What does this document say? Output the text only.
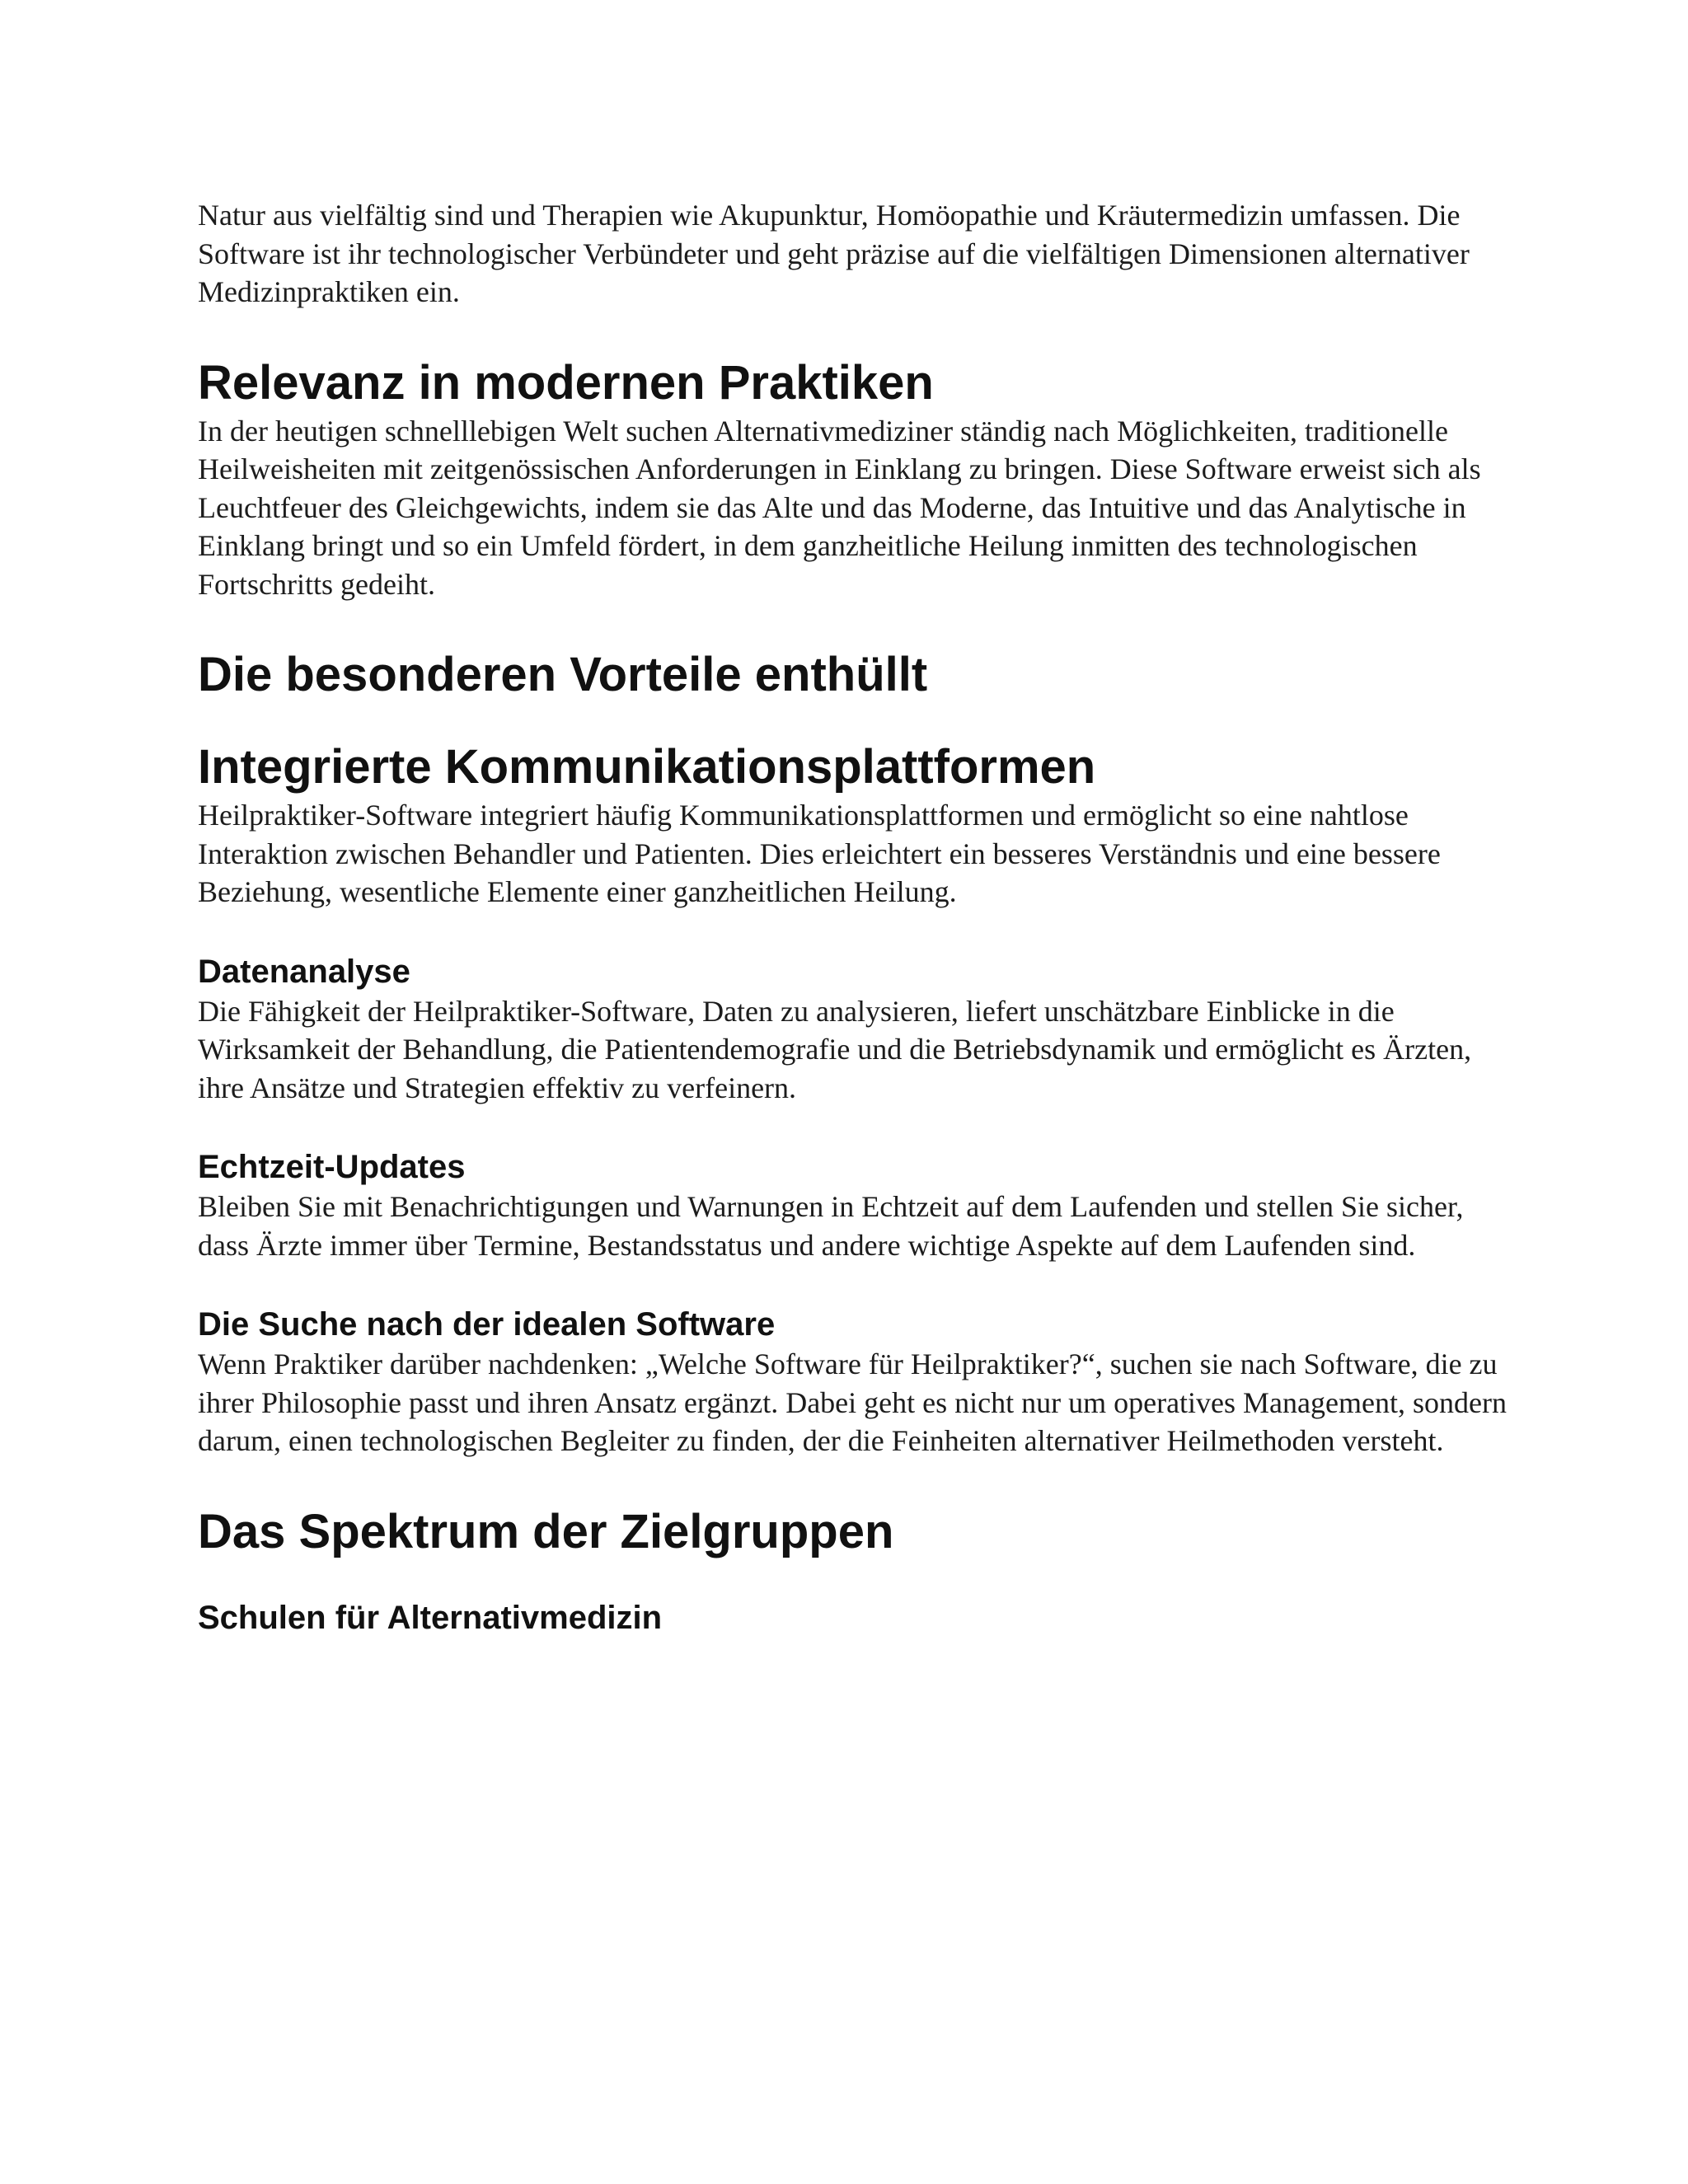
Natur aus vielfältig sind und Therapien wie Akupunktur, Homöopathie und Kräutermedizin umfassen. Die Software ist ihr technologischer Verbündeter und geht präzise auf die vielfältigen Dimensionen alternativer Medizinpraktiken ein.

Relevanz in modernen Praktiken

In der heutigen schnelllebigen Welt suchen Alternativmediziner ständig nach Möglichkeiten, traditionelle Heilweisheiten mit zeitgenössischen Anforderungen in Einklang zu bringen. Diese Software erweist sich als Leuchtfeuer des Gleichgewichts, indem sie das Alte und das Moderne, das Intuitive und das Analytische in Einklang bringt und so ein Umfeld fördert, in dem ganzheitliche Heilung inmitten des technologischen Fortschritts gedeiht.

Die besonderen Vorteile enthüllt
Integrierte Kommunikationsplattformen

Heilpraktiker-Software integriert häufig Kommunikationsplattformen und ermöglicht so eine nahtlose Interaktion zwischen Behandler und Patienten. Dies erleichtert ein besseres Verständnis und eine bessere Beziehung, wesentliche Elemente einer ganzheitlichen Heilung.

Datenanalyse

Die Fähigkeit der Heilpraktiker-Software, Daten zu analysieren, liefert unschätzbare Einblicke in die Wirksamkeit der Behandlung, die Patientendemografie und die Betriebsdynamik und ermöglicht es Ärzten, ihre Ansätze und Strategien effektiv zu verfeinern.

Echtzeit-Updates

Bleiben Sie mit Benachrichtigungen und Warnungen in Echtzeit auf dem Laufenden und stellen Sie sicher, dass Ärzte immer über Termine, Bestandsstatus und andere wichtige Aspekte auf dem Laufenden sind.

Die Suche nach der idealen Software

Wenn Praktiker darüber nachdenken: „Welche Software für Heilpraktiker?“, suchen sie nach Software, die zu ihrer Philosophie passt und ihren Ansatz ergänzt. Dabei geht es nicht nur um operatives Management, sondern darum, einen technologischen Begleiter zu finden, der die Feinheiten alternativer Heilmethoden versteht.

Das Spektrum der Zielgruppen
Schulen für Alternativmedizin
